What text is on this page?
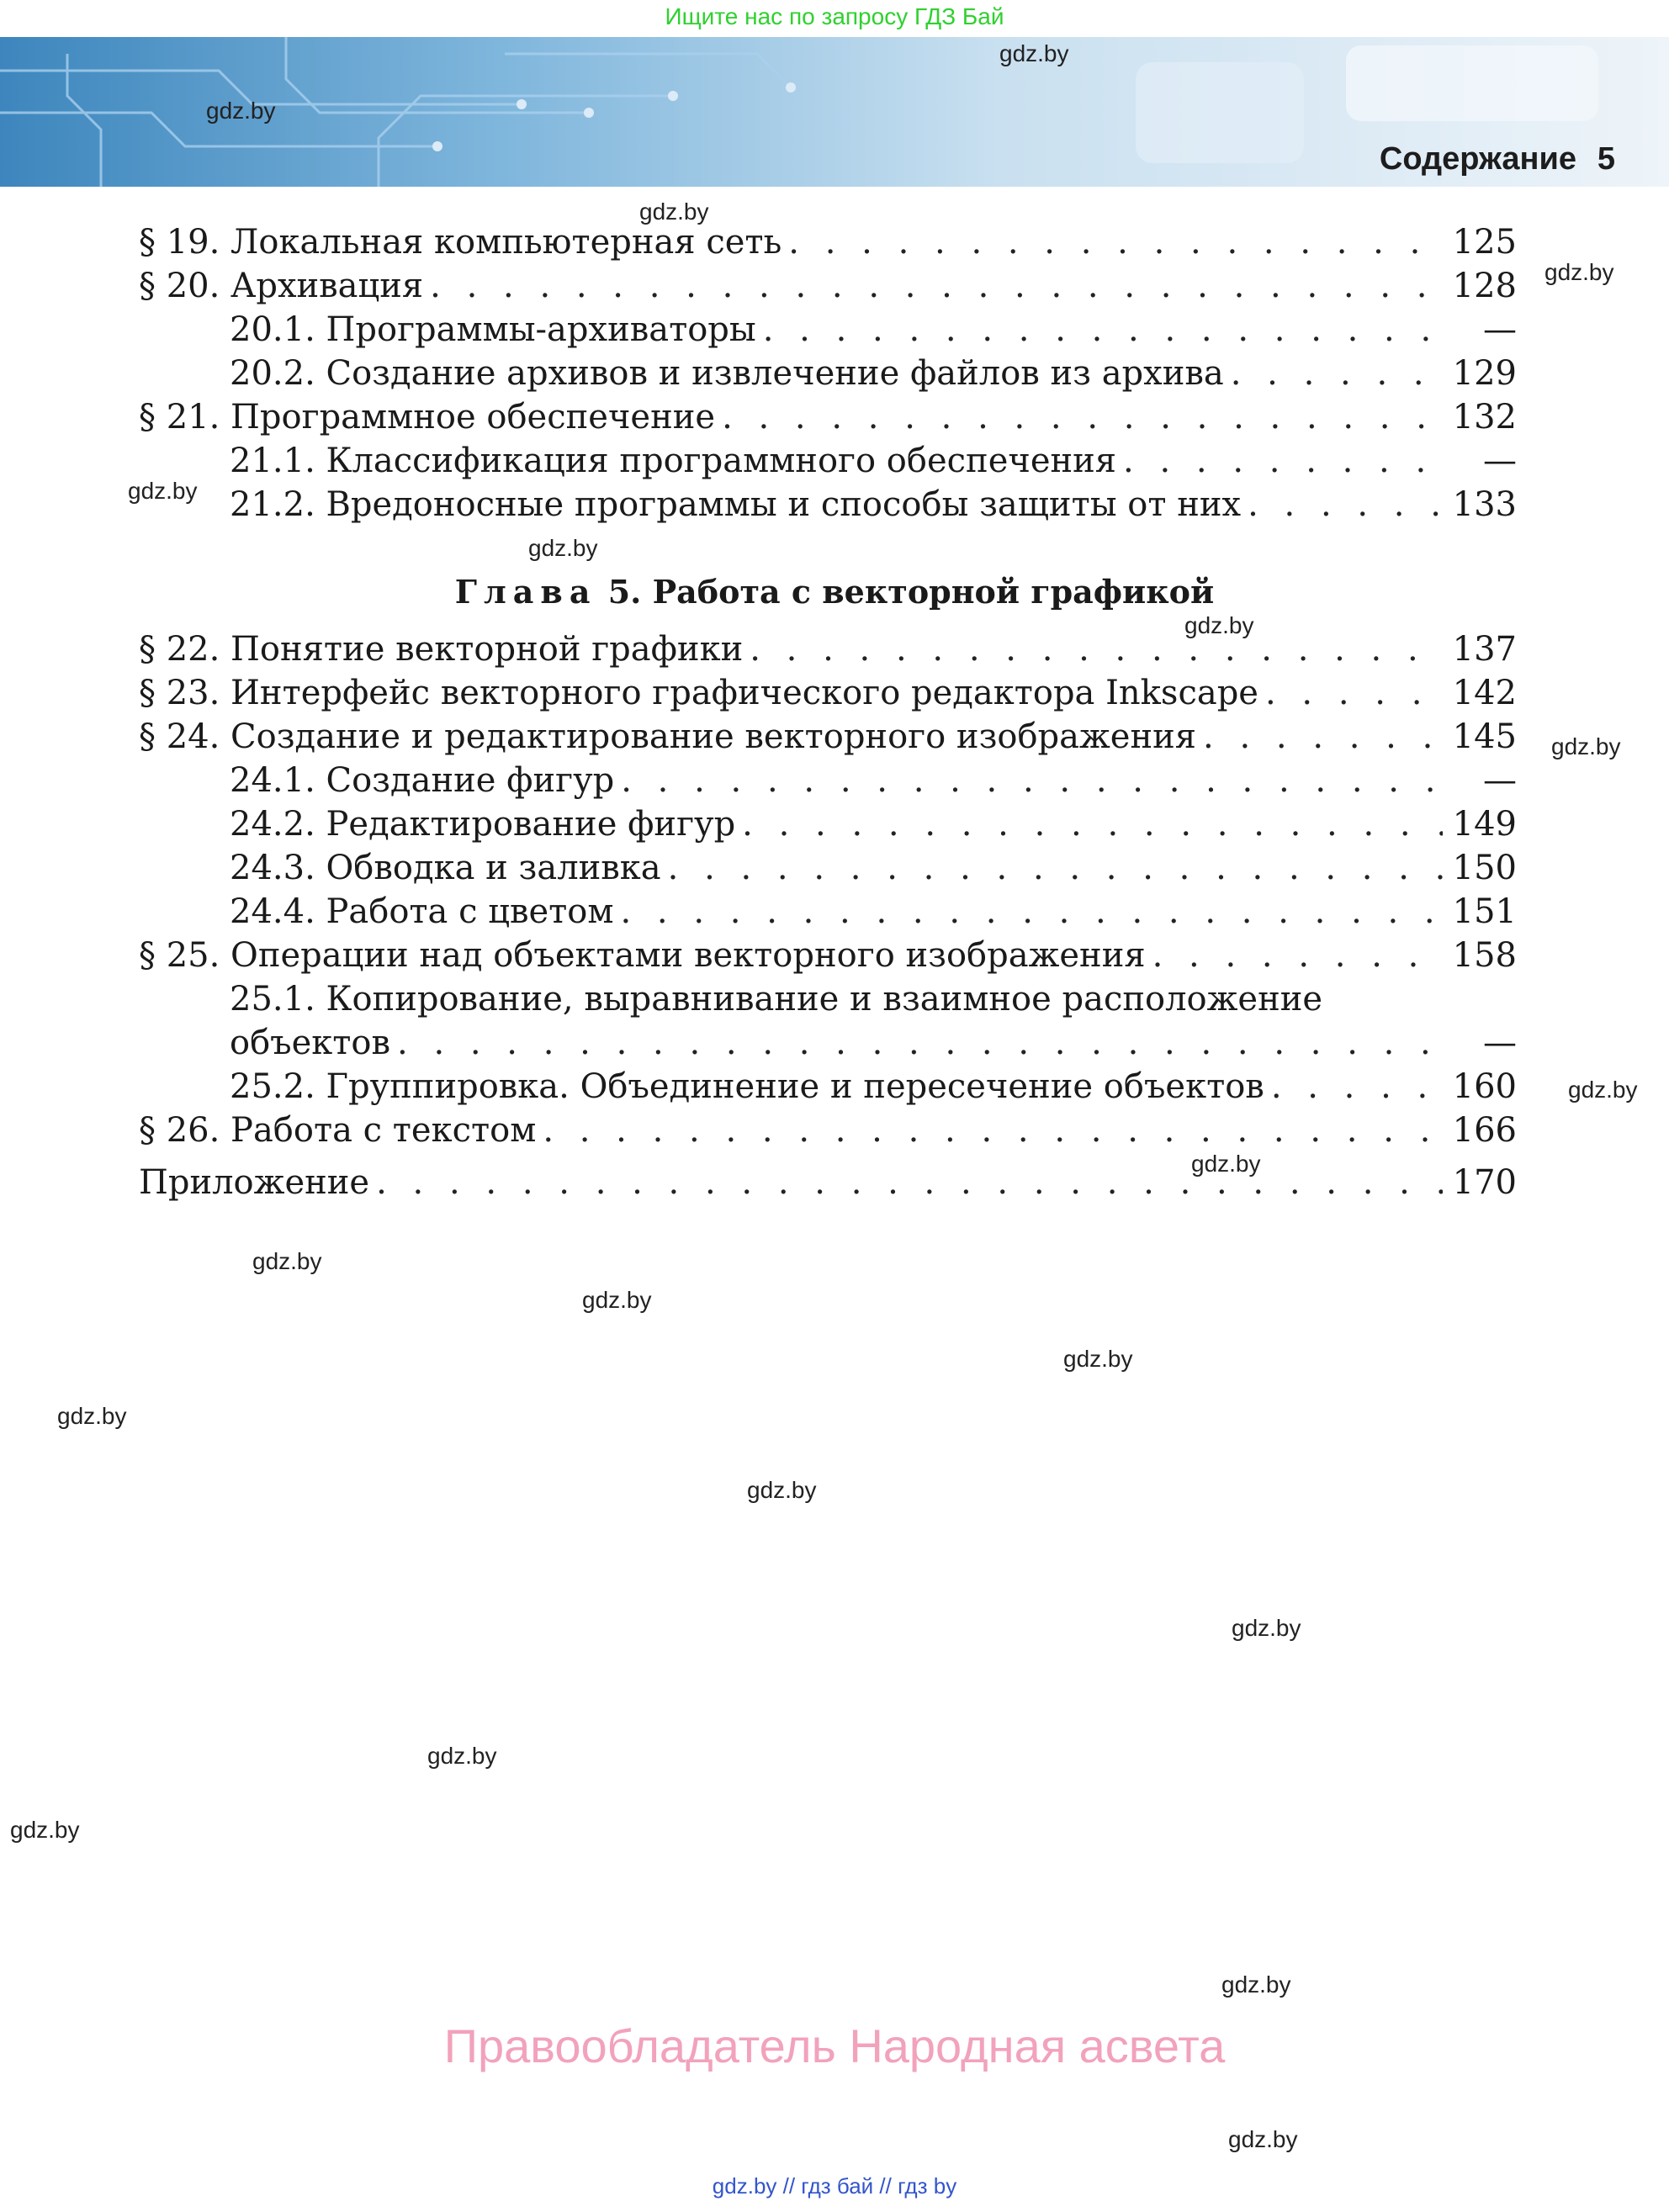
Ищите нас по запросу ГДЗ Бай
Содержание 5
§ 19. Локальная компьютерная сеть . . .	125
§ 20. Архивация . . .	128
20.1. Программы-архиваторы . . .	—
20.2. Создание архивов и извлечение файлов из архива . . .	129
§ 21. Программное обеспечение . . .	132
21.1. Классификация программного обеспечения . . .	—
21.2. Вредоносные программы и способы защиты от них . . .	133
Глава 5. Работа с векторной графикой
§ 22. Понятие векторной графики . . .	137
§ 23. Интерфейс векторного графического редактора Inkscape . . .	142
§ 24. Создание и редактирование векторного изображения . . .	145
24.1. Создание фигур . . .	—
24.2. Редактирование фигур . . .	149
24.3. Обводка и заливка . . .	150
24.4. Работа с цветом . . .	151
§ 25. Операции над объектами векторного изображения . . .	158
25.1. Копирование, выравнивание и взаимное расположение
объектов . . .	—
25.2. Группировка. Объединение и пересечение объектов . . .	160
§ 26. Работа с текстом . . .	166
Приложение . . .	170
gdz.by
gdz.by
gdz.by
gdz.by
gdz.by
gdz.by
gdz.by
gdz.by
gdz.by
gdz.by
gdz.by
gdz.by
gdz.by
gdz.by
gdz.by
gdz.by
gdz.by
gdz.by
gdz.by
gdz.by
Правообладатель Народная асвета
gdz.by // гдз бай // гдз by
